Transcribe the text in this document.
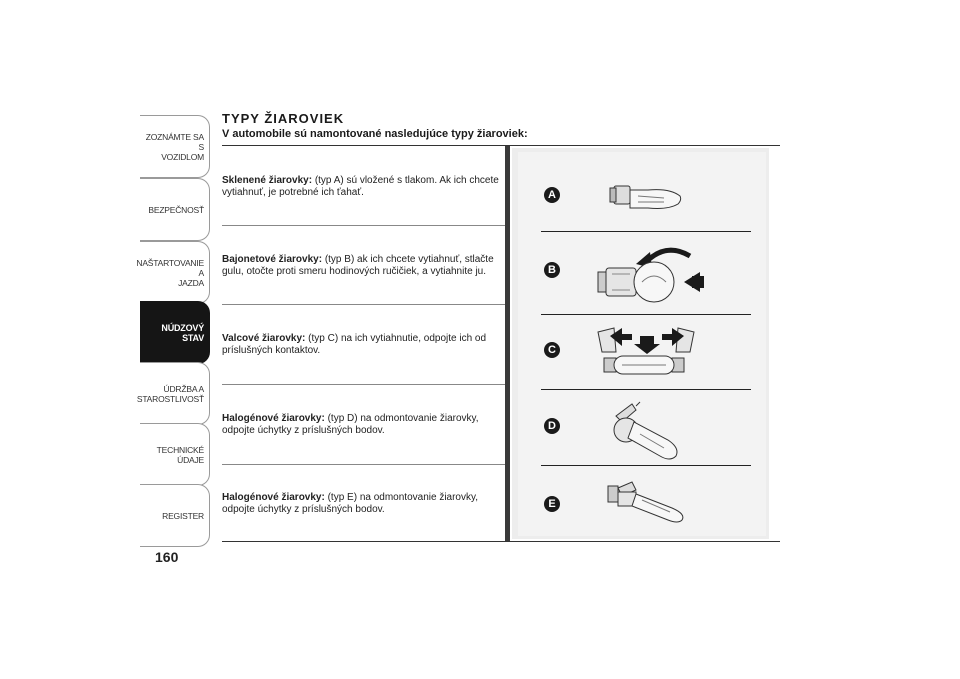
ZOZNÁMTE SA S
VOZIDLOM
BEZPEČNOSŤ
NAŠTARTOVANIE A
JAZDA
NÚDZOVÝ STAV
ÚDRŽBA A
STAROSTLIVOSŤ
TECHNICKÉ ÚDAJE
REGISTER
160
TYPY ŽIAROVIEK
V automobile sú namontované nasledujúce typy žiaroviek:
Sklenené žiarovky: (typ A) sú vložené s tlakom. Ak ich chcete vytiahnuť, je potrebné ich ťahať.
Bajonetové žiarovky: (typ B) ak ich chcete vytiahnuť, stlačte gulu, otočte proti smeru hodinových ručičiek, a vytiahnite ju.
Valcové žiarovky: (typ C) na ich vytiahnutie, odpojte ich od príslušných kontaktov.
Halogénové žiarovky: (typ D) na odmontovanie žiarovky, odpojte úchytky z príslušných bodov.
Halogénové žiarovky: (typ E) na odmontovanie žiarovky, odpojte úchytky z príslušných bodov.
A
B
C
D
E
